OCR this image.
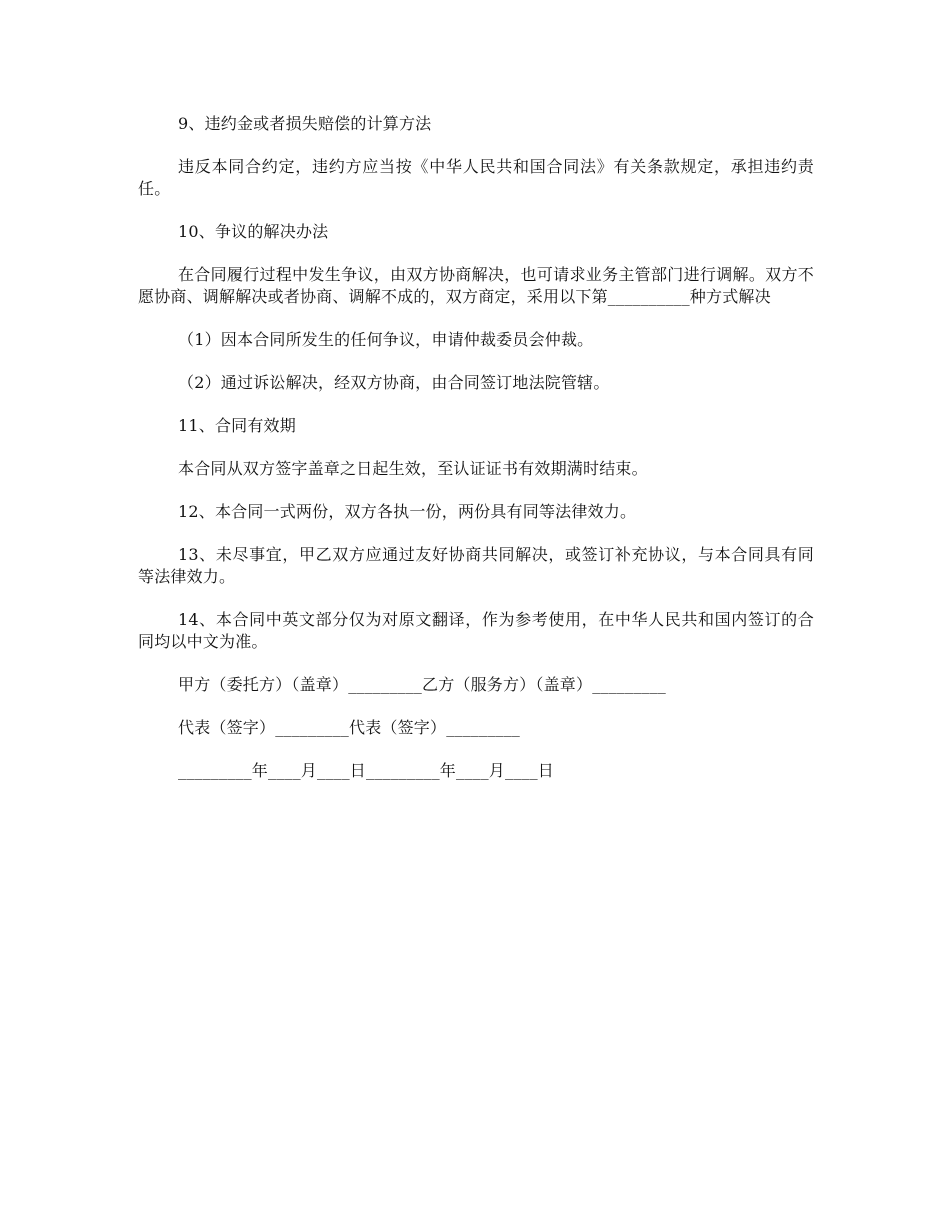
9、违约金或者损失赔偿的计算方法

违反本同合约定，违约方应当按《中华人民共和国合同法》有关条款规定，承担违约责任。

10、争议的解决办法

在合同履行过程中发生争议，由双方协商解决，也可请求业务主管部门进行调解。双方不愿协商、调解解决或者协商、调解不成的，双方商定，采用以下第__________种方式解决

（1）因本合同所发生的任何争议，申请仲裁委员会仲裁。

（2）通过诉讼解决，经双方协商，由合同签订地法院管辖。

11、合同有效期

本合同从双方签字盖章之日起生效，至认证证书有效期满时结束。

12、本合同一式两份，双方各执一份，两份具有同等法律效力。

13、未尽事宜，甲乙双方应通过友好协商共同解决，或签订补充协议，与本合同具有同等法律效力。

14、本合同中英文部分仅为对原文翻译，作为参考使用，在中华人民共和国内签订的合同均以中文为准。

甲方（委托方）（盖章）_________乙方（服务方）（盖章）_________

代表（签字）_________代表（签字）_________

_________年____月____日_________年____月____日
